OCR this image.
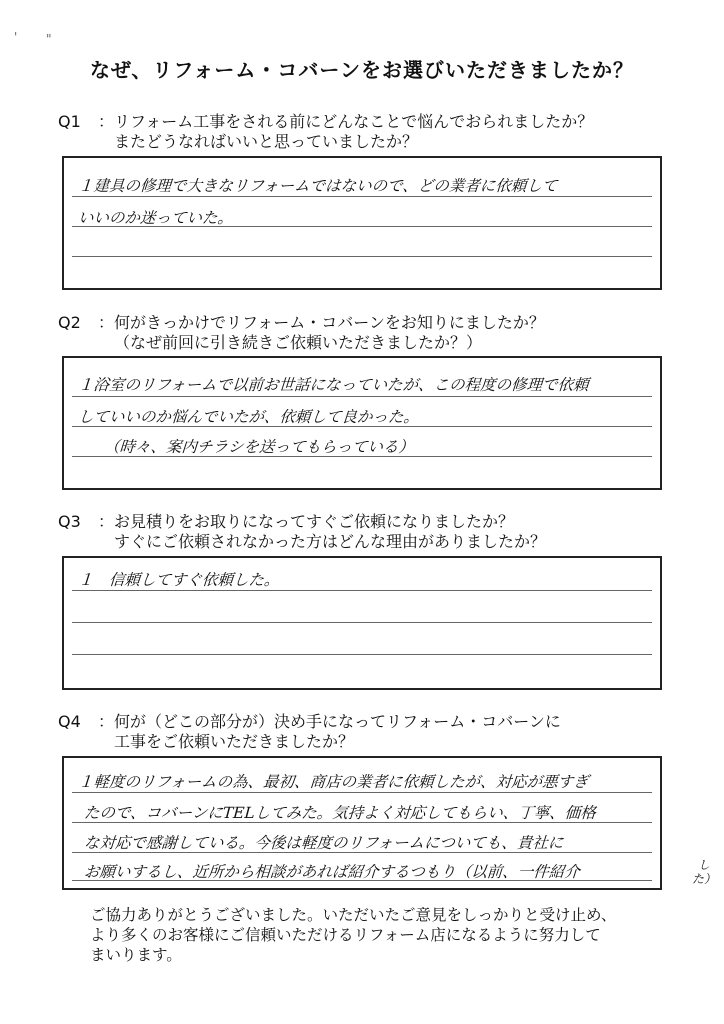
なぜ、リフォーム・コバーンをお選びいただきましたか？
Q1 ：リフォーム工事をされる前にどんなことで悩んでおられましたか？
またどうなればいいと思っていましたか？
１建具の修理で大きなリフォームではないので、どの業者に依頼して
いいのか迷っていた。
Q2 ：何がきっかけでリフォーム・コバーンをお知りにましたか？
（なぜ前回に引き続きご依頼いただきましたか？）
１浴室のリフォームで以前お世話になっていたが、この程度の修理で依頼
していいのか悩んでいたが、依頼して良かった。
（時々、案内チラシを送ってもらっている）
Q3 ：お見積りをお取りになってすぐご依頼になりましたか？
すぐにご依頼されなかった方はどんな理由がありましたか？
１　信頼してすぐ依頼した。
Q4 ：何が（どこの部分が）決め手になってリフォーム・コバーンに
工事をご依頼いただきましたか？
１軽度のリフォームの為、最初、商店の業者に依頼したが、対応が悪すぎ
たので、コバーンにTELしてみた。気持よく対応してもらい、丁寧、価格
な対応で感謝している。今後は軽度のリフォームについても、貴社に
お願いするし、近所から相談があれば紹介するつもり（以前、一件紹介	した）
ご協力ありがとうございました。いただいたご意見をしっかりと受け止め、
より多くのお客様にご信頼いただけるリフォーム店になるように努力して
まいります。
' "
